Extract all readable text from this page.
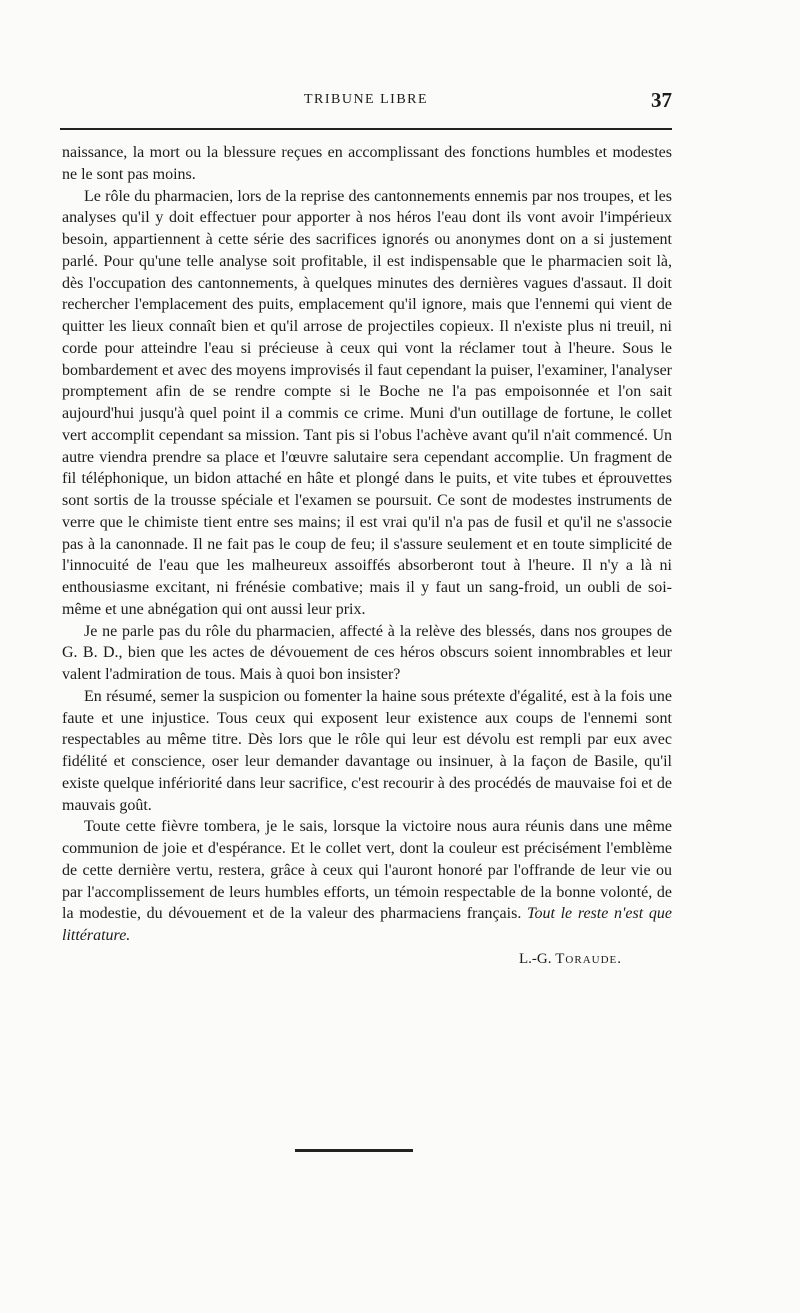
TRIBUNE LIBRE	37

naissance, la mort ou la blessure reçues en accomplissant des fonctions humbles et modestes ne le sont pas moins.

Le rôle du pharmacien, lors de la reprise des cantonnements ennemis par nos troupes, et les analyses qu'il y doit effectuer pour apporter à nos héros l'eau dont ils vont avoir l'impérieux besoin, appartiennent à cette série des sacrifices ignorés ou anonymes dont on a si justement parlé. Pour qu'une telle analyse soit profitable, il est indispensable que le pharmacien soit là, dès l'occupation des cantonnements, à quelques minutes des dernières vagues d'assaut. Il doit rechercher l'emplacement des puits, emplacement qu'il ignore, mais que l'ennemi qui vient de quitter les lieux connaît bien et qu'il arrose de projectiles copieux. Il n'existe plus ni treuil, ni corde pour atteindre l'eau si précieuse à ceux qui vont la réclamer tout à l'heure. Sous le bombardement et avec des moyens improvisés il faut cependant la puiser, l'examiner, l'analyser promptement afin de se rendre compte si le Boche ne l'a pas empoisonnée et l'on sait aujourd'hui jusqu'à quel point il a commis ce crime. Muni d'un outillage de fortune, le collet vert accomplit cependant sa mission. Tant pis si l'obus l'achève avant qu'il n'ait commencé. Un autre viendra prendre sa place et l'œuvre salutaire sera cependant accomplie. Un fragment de fil téléphonique, un bidon attaché en hâte et plongé dans le puits, et vite tubes et éprouvettes sont sortis de la trousse spéciale et l'examen se poursuit. Ce sont de modestes instruments de verre que le chimiste tient entre ses mains; il est vrai qu'il n'a pas de fusil et qu'il ne s'associe pas à la canonnade. Il ne fait pas le coup de feu; il s'assure seulement et en toute simplicité de l'innocuité de l'eau que les malheureux assoiffés absorberont tout à l'heure. Il n'y a là ni enthousiasme excitant, ni frénésie combative; mais il y faut un sang-froid, un oubli de soi-même et une abnégation qui ont aussi leur prix.

Je ne parle pas du rôle du pharmacien, affecté à la relève des blessés, dans nos groupes de G. B. D., bien que les actes de dévouement de ces héros obscurs soient innombrables et leur valent l'admiration de tous. Mais à quoi bon insister?

En résumé, semer la suspicion ou fomenter la haine sous prétexte d'égalité, est à la fois une faute et une injustice. Tous ceux qui exposent leur existence aux coups de l'ennemi sont respectables au même titre. Dès lors que le rôle qui leur est dévolu est rempli par eux avec fidélité et conscience, oser leur demander davantage ou insinuer, à la façon de Basile, qu'il existe quelque infériorité dans leur sacrifice, c'est recourir à des procédés de mauvaise foi et de mauvais goût.

Toute cette fièvre tombera, je le sais, lorsque la victoire nous aura réunis dans une même communion de joie et d'espérance. Et le collet vert, dont la couleur est précisément l'emblème de cette dernière vertu, restera, grâce à ceux qui l'auront honoré par l'offrande de leur vie ou par l'accomplissement de leurs humbles efforts, un témoin respectable de la bonne volonté, de la modestie, du dévouement et de la valeur des pharmaciens français. Tout le reste n'est que littérature.

L.-G. Toraude.
